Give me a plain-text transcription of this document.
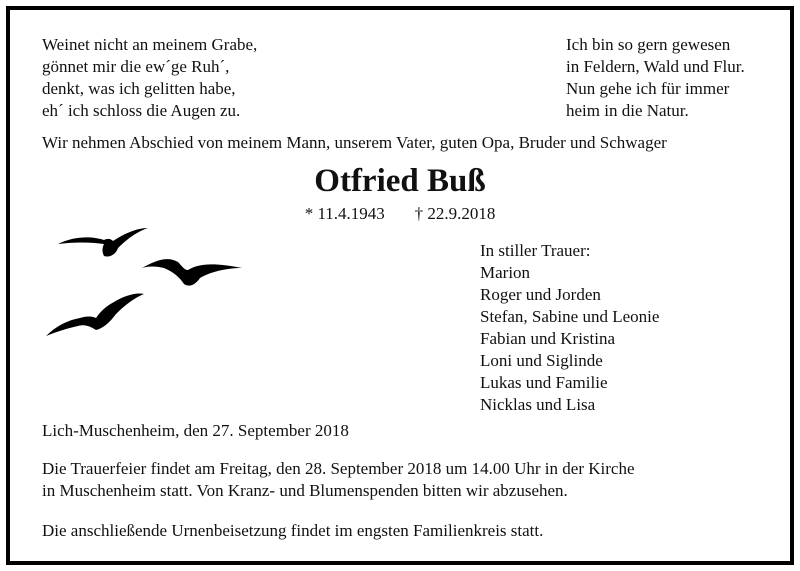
Weinet nicht an meinem Grabe,
gönnet mir die ew´ge Ruh´,
denkt, was ich gelitten habe,
eh´ ich schloss die Augen zu.
Ich bin so gern gewesen
in Feldern, Wald und Flur.
Nun gehe ich für immer
heim in die Natur.
Wir nehmen Abschied von meinem Mann, unserem Vater, guten Opa, Bruder und Schwager
Otfried Buß
* 11.4.1943 † 22.9.2018
In stiller Trauer:
Marion
Roger und Jorden
Stefan, Sabine und Leonie
Fabian und Kristina
Loni und Siglinde
Lukas und Familie
Nicklas und Lisa
Lich-Muschenheim, den 27. September 2018
Die Trauerfeier findet am Freitag, den 28. September 2018 um 14.00 Uhr in der Kirche
in Muschenheim statt. Von Kranz- und Blumenspenden bitten wir abzusehen.
Die anschließende Urnenbeisetzung findet im engsten Familienkreis statt.
